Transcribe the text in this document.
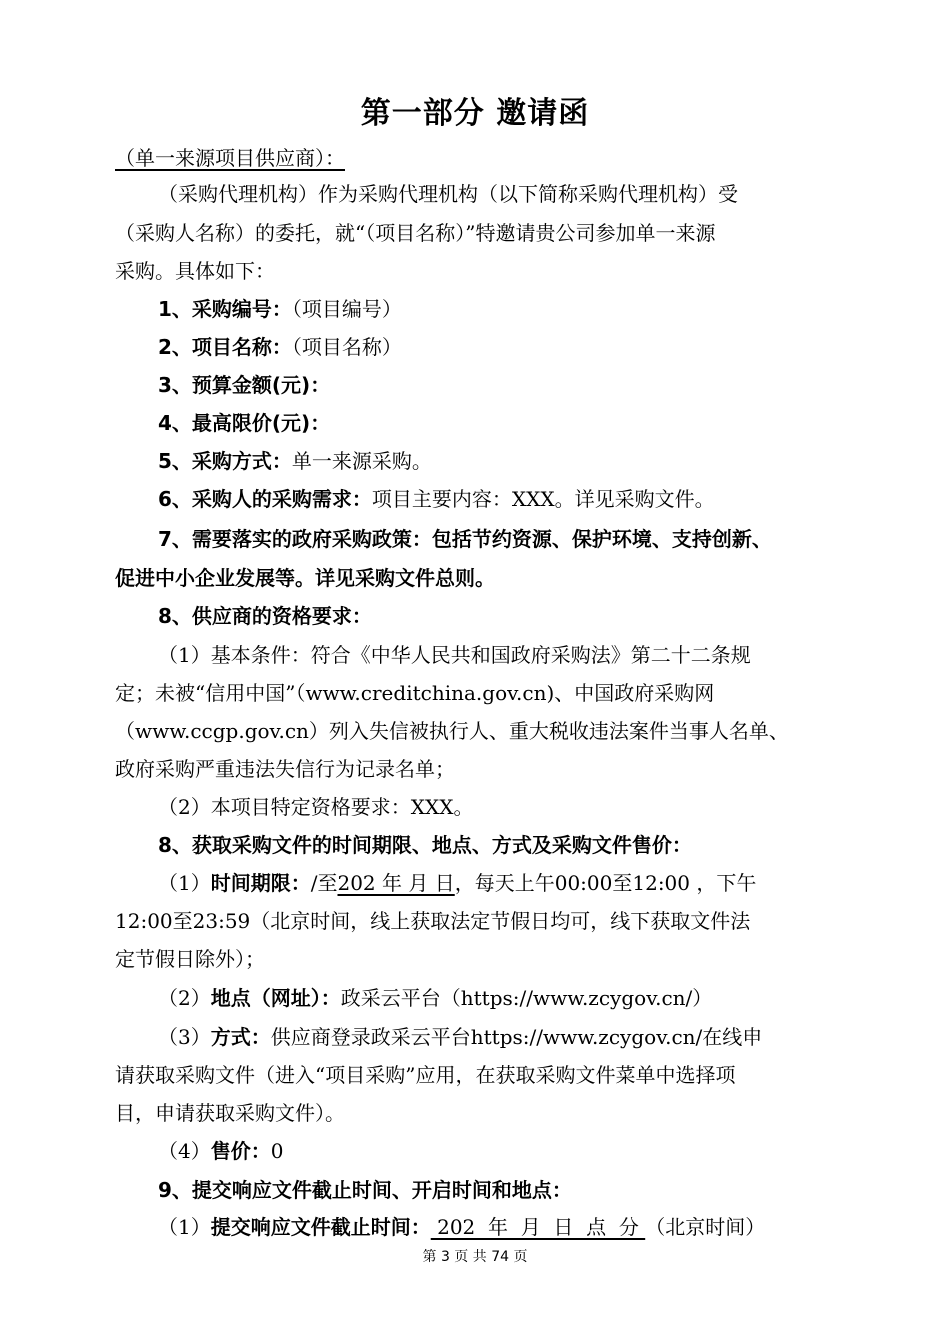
第一部分 邀请函
（单一来源项目供应商）：
（采购代理机构）作为采购代理机构（以下简称采购代理机构）受
（采购人名称）的委托，就“（项目名称）”特邀请贵公司参加单一来源
采购。具体如下：
1、采购编号：（项目编号）
2、项目名称：（项目名称）
3、预算金额(元)：
4、最高限价(元)：
5、采购方式：单一来源采购。
6、采购人的采购需求：项目主要内容：XXX。详见采购文件。
7、需要落实的政府采购政策：包括节约资源、保护环境、支持创新、
促进中小企业发展等。详见采购文件总则。
8、供应商的资格要求：
（1）基本条件：符合《中华人民共和国政府采购法》第二十二条规
定；未被“信用中国”（www.creditchina.gov.cn)、中国政府采购网
（www.ccgp.gov.cn）列入失信被执行人、重大税收违法案件当事人名单、
政府采购严重违法失信行为记录名单；
（2）本项目特定资格要求：XXX。
8、获取采购文件的时间期限、地点、方式及采购文件售价：
（1）时间期限：/至202 年 月 日，每天上午00:00至12:00 ，下午
12:00至23:59（北京时间，线上获取法定节假日均可，线下获取文件法
定节假日除外）；
（2）地点（网址）：政采云平台（https://www.zcygov.cn/）
（3）方式：供应商登录政采云平台https://www.zcygov.cn/在线申
请获取采购文件（进入“项目采购”应用，在获取采购文件菜单中选择项
目，申请获取采购文件）。
（4）售价：0
9、提交响应文件截止时间、开启时间和地点：
（1）提交响应文件截止时间： 202  年  月  日  点  分 （北京时间）
第 3 页 共 74 页
